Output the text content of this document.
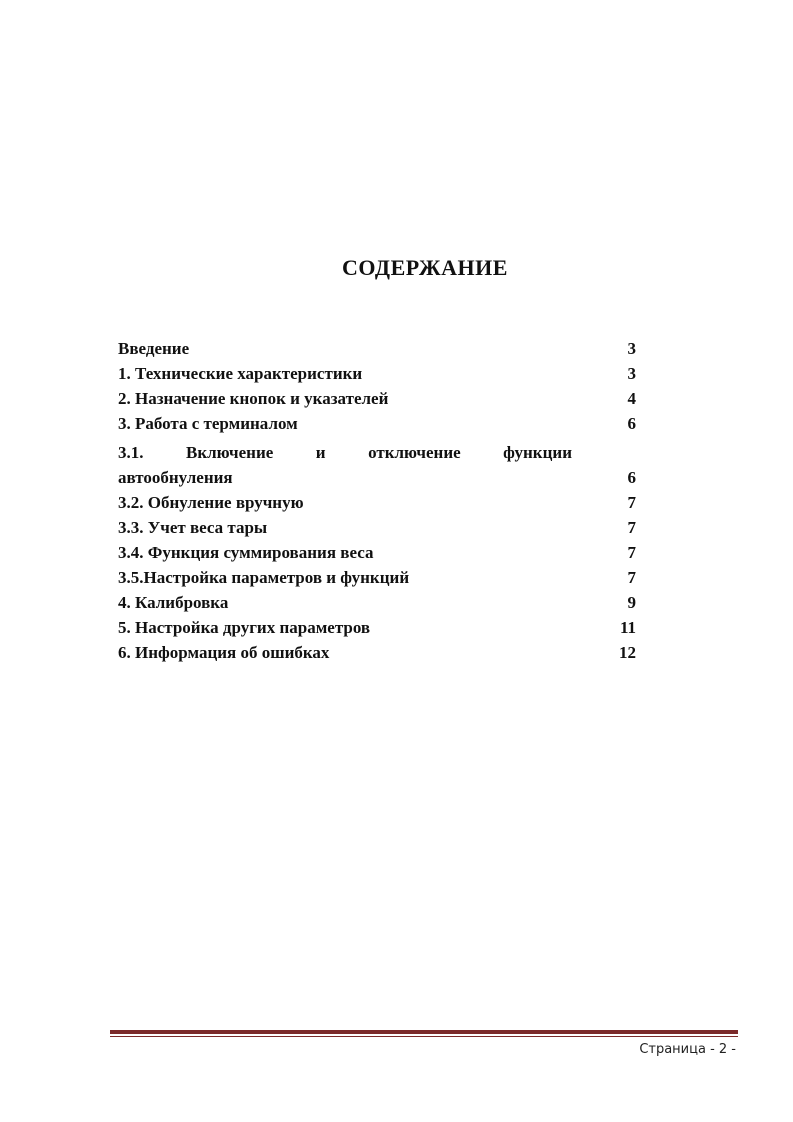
СОДЕРЖАНИЕ
Введение	3
1. Технические характеристики	3
2. Назначение кнопок и указателей	4
3. Работа с терминалом	6
3.1.	Включение	и	отключение	функции
автообнуления	6
3.2. Обнуление вручную	7
3.3. Учет веса тары	7
3.4. Функция суммирования веса	7
3.5.Настройка параметров и функций	7
4. Калибровка	9
5. Настройка других параметров	11
6. Информация об ошибках	12
Страница - 2 -
